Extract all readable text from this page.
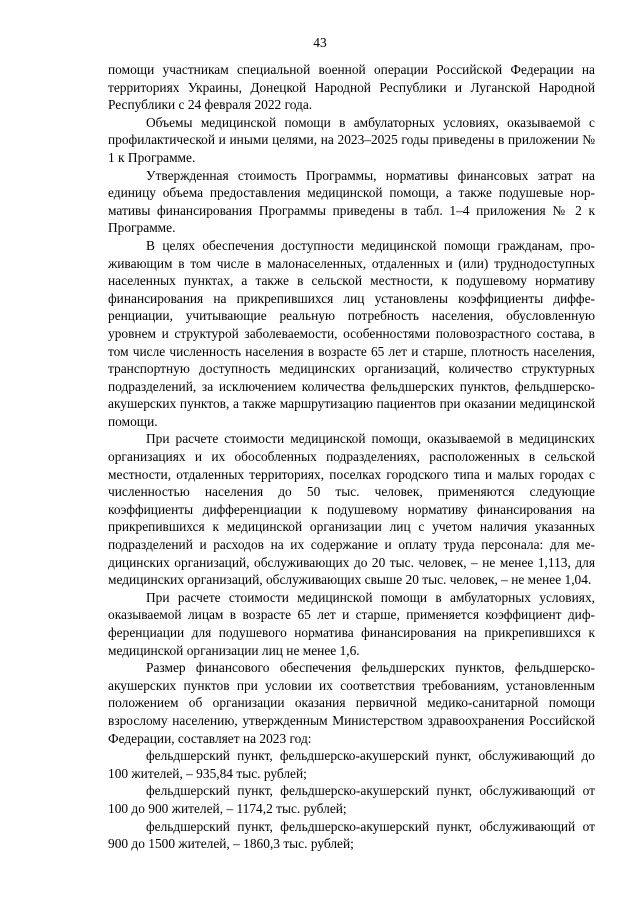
43

помощи участникам специальной военной операции Российской Федерации на территориях Украины, Донецкой Народной Республики и Луганской Народной Республики с 24 февраля 2022 года.

Объемы медицинской помощи в амбулаторных условиях, оказываемой с профилактической и иными целями, на 2023–2025 годы приведены в приложении № 1 к Программе.

Утвержденная стоимость Программы, нормативы финансовых затрат на единицу объема предоставления медицинской помощи, а также подушевые нормативы финансирования Программы приведены в табл. 1–4 приложения № 2 к Программе.

В целях обеспечения доступности медицинской помощи гражданам, проживающим в том числе в малонаселенных, отдаленных и (или) труднодоступных населенных пунктах, а также в сельской местности, к подушевому нормативу финансирования на прикрепившихся лиц установлены коэффициенты дифференциации, учитывающие реальную потребность населения, обусловленную уровнем и структурой заболеваемости, особенностями половозрастного состава, в том числе численность населения в возрасте 65 лет и старше, плотность населения, транспортную доступность медицинских организаций, количество структурных подразделений, за исключением количества фельдшерских пунктов, фельдшерско-акушерских пунктов, а также маршрутизацию пациентов при оказании медицинской помощи.

При расчете стоимости медицинской помощи, оказываемой в медицинских организациях и их обособленных подразделениях, расположенных в сельской местности, отдаленных территориях, поселках городского типа и малых городах с численностью населения до 50 тыс. человек, применяются следующие коэффициенты дифференциации к подушевому нормативу финансирования на прикрепившихся к медицинской организации лиц с учетом наличия указанных подразделений и расходов на их содержание и оплату труда персонала: для медицинских организаций, обслуживающих до 20 тыс. человек, – не менее 1,113, для медицинских организаций, обслуживающих свыше 20 тыс. человек, – не менее 1,04.

При расчете стоимости медицинской помощи в амбулаторных условиях, оказываемой лицам в возрасте 65 лет и старше, применяется коэффициент дифференциации для подушевого норматива финансирования на прикрепившихся к медицинской организации лиц не менее 1,6.

Размер финансового обеспечения фельдшерских пунктов, фельдшерско-акушерских пунктов при условии их соответствия требованиям, установленным положением об организации оказания первичной медико-санитарной помощи взрослому населению, утвержденным Министерством здравоохранения Российской Федерации, составляет на 2023 год:

фельдшерский пункт, фельдшерско-акушерский пункт, обслуживающий до 100 жителей, – 935,84 тыс. рублей;

фельдшерский пункт, фельдшерско-акушерский пункт, обслуживающий от 100 до 900 жителей, – 1174,2 тыс. рублей;

фельдшерский пункт, фельдшерско-акушерский пункт, обслуживающий от 900 до 1500 жителей, – 1860,3 тыс. рублей;
